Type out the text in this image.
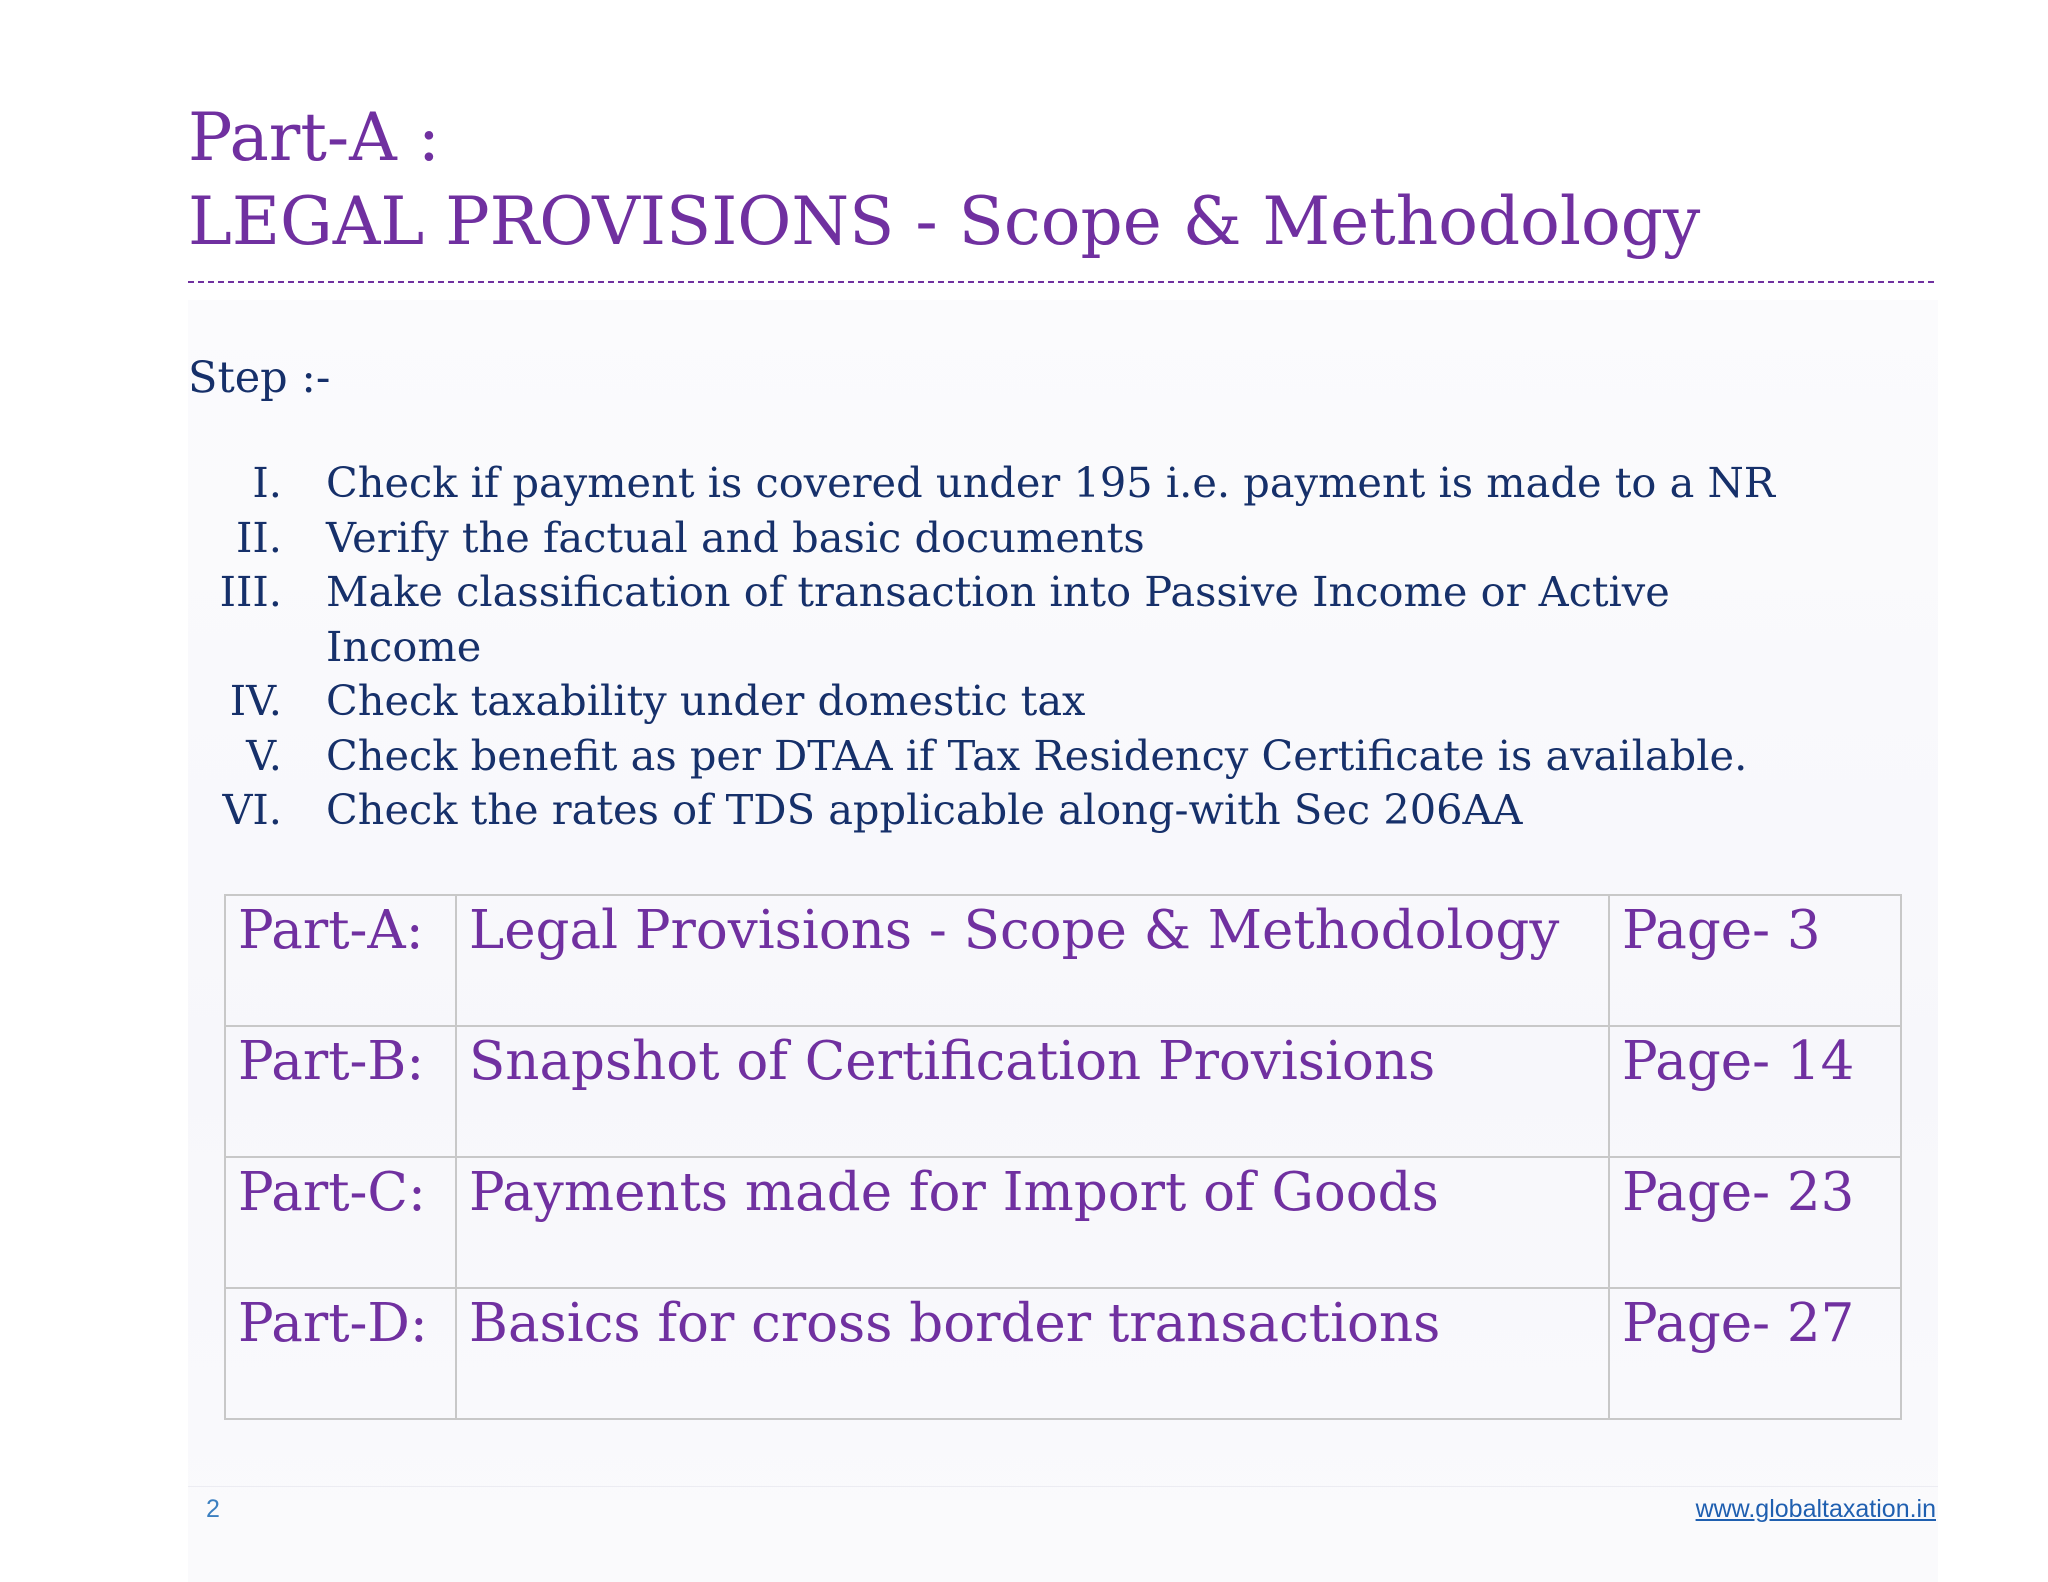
Part-A :
LEGAL PROVISIONS - Scope & Methodology
Step :-
I. Check if payment is covered under 195 i.e. payment is made to a NR
II. Verify the factual and basic documents
III. Make classification of transaction into Passive Income or Active Income
IV. Check taxability under domestic tax
V. Check benefit as per DTAA if Tax Residency Certificate is available.
VI. Check the rates of TDS applicable along-with Sec 206AA
Part-A:	Legal Provisions - Scope & Methodology	Page- 3
Part-B:	Snapshot of Certification Provisions	Page- 14
Part-C:	Payments made for Import of Goods	Page- 23
Part-D:	Basics for cross border transactions	Page- 27
2	www.globaltaxation.in
